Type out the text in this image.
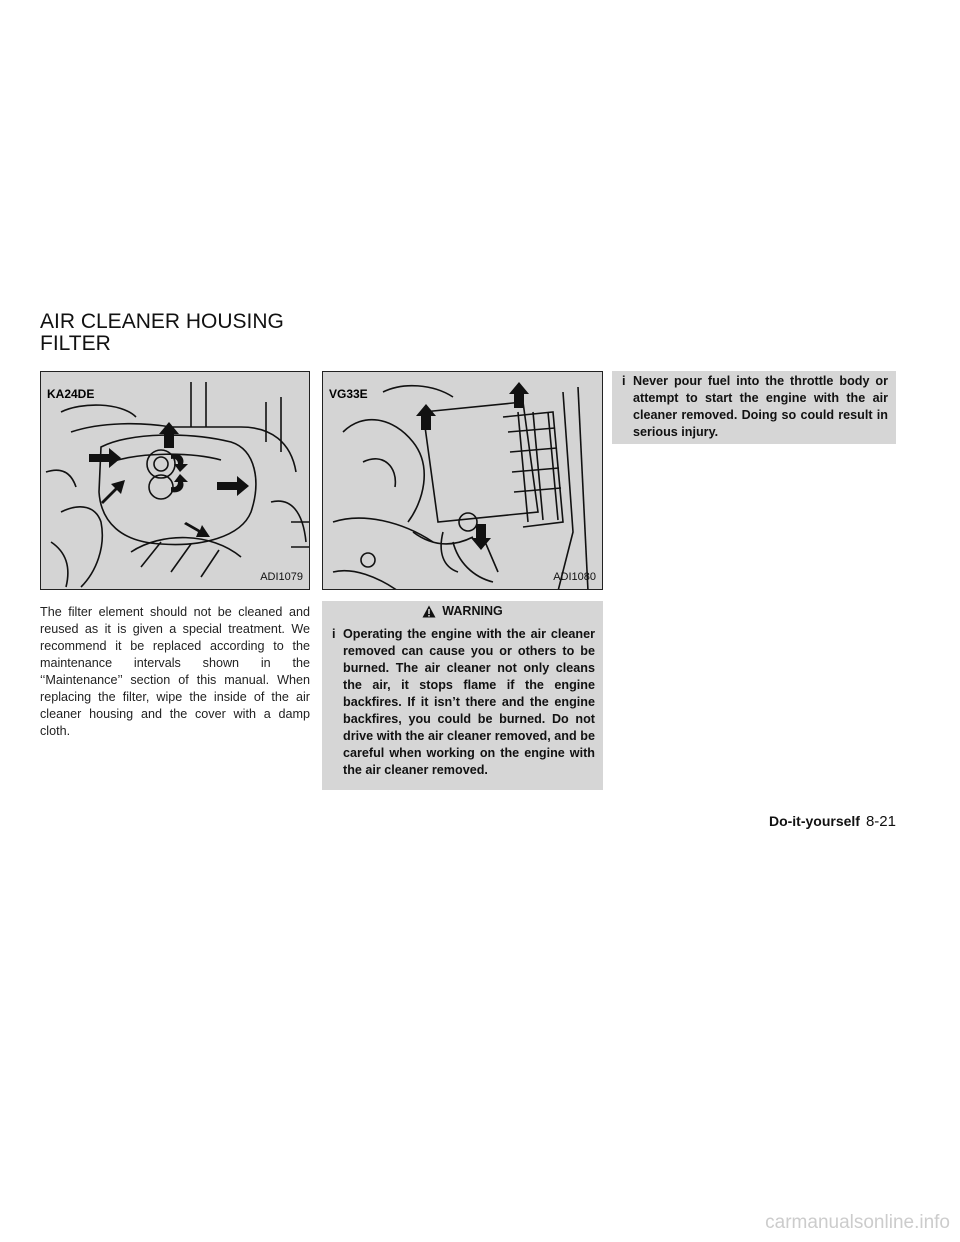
AIR CLEANER HOUSING
FILTER
KA24DE
ADI1079
VG33E
ADI1080
The filter element should not be cleaned and reused as it is given a special treatment. We recommend it be replaced according to the maintenance intervals shown in the ‘‘Maintenance’’ section of this manual. When replacing the filter, wipe the inside of the air cleaner housing and the cover with a damp cloth.
WARNING
i Operating the engine with the air cleaner removed can cause you or others to be burned. The air cleaner not only cleans the air, it stops flame if the engine backfires. If it isn’t there and the engine backfires, you could be burned. Do not drive with the air cleaner removed, and be careful when working on the engine with the air cleaner removed.
i Never pour fuel into the throttle body or attempt to start the engine with the air cleaner removed. Doing so could result in serious injury.
Do-it-yourself 8-21
carmanualsonline.info
